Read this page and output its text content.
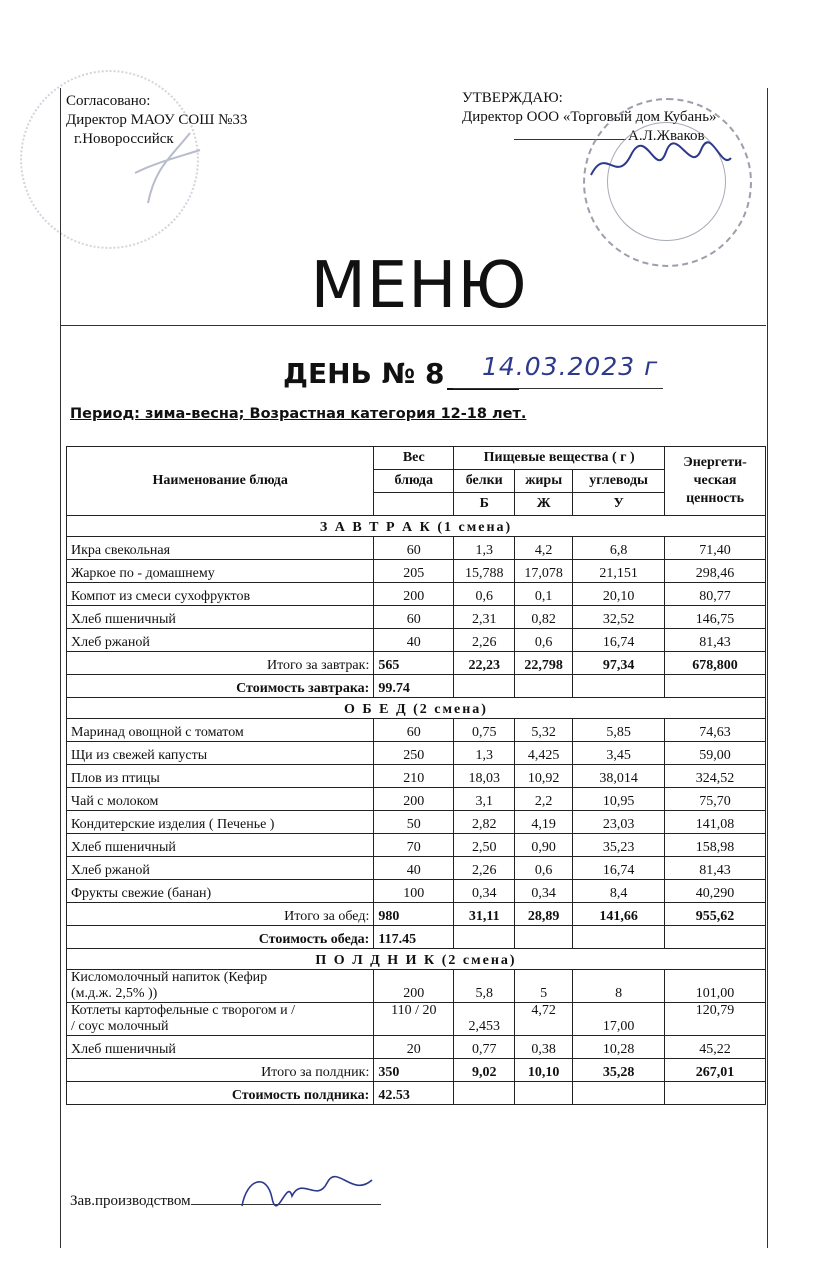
Согласовано:
Директор МАОУ СОШ №33
г.Новороссийск
УТВЕРЖДАЮ:
Директор ООО «Торговый дом Кубань»
А.Л.Жваков
МЕНЮ
ДЕНЬ № 8	14.03.2023 г
Период: зима-весна; Возрастная категория 12-18 лет.
Наименование блюда	Вес	Пищевые вещества ( г )			Энергети-
ческая
ценность
	блюда	белки	жиры	углеводы	
		Б	Ж	У	
З А В Т Р А К (1 смена)					
Икра свекольная	60	1,3	4,2	6,8	71,40
Жаркое по - домашнему	205	15,788	17,078	21,151	298,46
Компот из смеси сухофруктов	200	0,6	0,1	20,10	80,77
Хлеб пшеничный	60	2,31	0,82	32,52	146,75
Хлеб ржаной	40	2,26	0,6	16,74	81,43
Итого за завтрак:	565	22,23	22,798	97,34	678,800
Стоимость завтрака:	99.74				
О Б Е Д (2 смена)					
Маринад овощной с томатом	60	0,75	5,32	5,85	74,63
Щи из свежей капусты	250	1,3	4,425	3,45	59,00
Плов из птицы	210	18,03	10,92	38,014	324,52
Чай с молоком	200	3,1	2,2	10,95	75,70
Кондитерские изделия ( Печенье )	50	2,82	4,19	23,03	141,08
Хлеб пшеничный	70	2,50	0,90	35,23	158,98
Хлеб ржаной	40	2,26	0,6	16,74	81,43
Фрукты свежие (банан)	100	0,34	0,34	8,4	40,290
Итого за обед:	980	31,11	28,89	141,66	955,62
Стоимость обеда:	117.45				
П О Л Д Н И К (2 смена)					
Кисломолочный напиток (Кефир
(м.д.ж. 2,5% ))	200	5,8	5	8	101,00
Котлеты картофельные с творогом и /
/ соус молочный	110 / 20	2,453	4,72	17,00	120,79
Хлеб пшеничный	20	0,77	0,38	10,28	45,22
Итого за полдник:	350	9,02	10,10	35,28	267,01
Стоимость полдника:	42.53				
Зав.производством
